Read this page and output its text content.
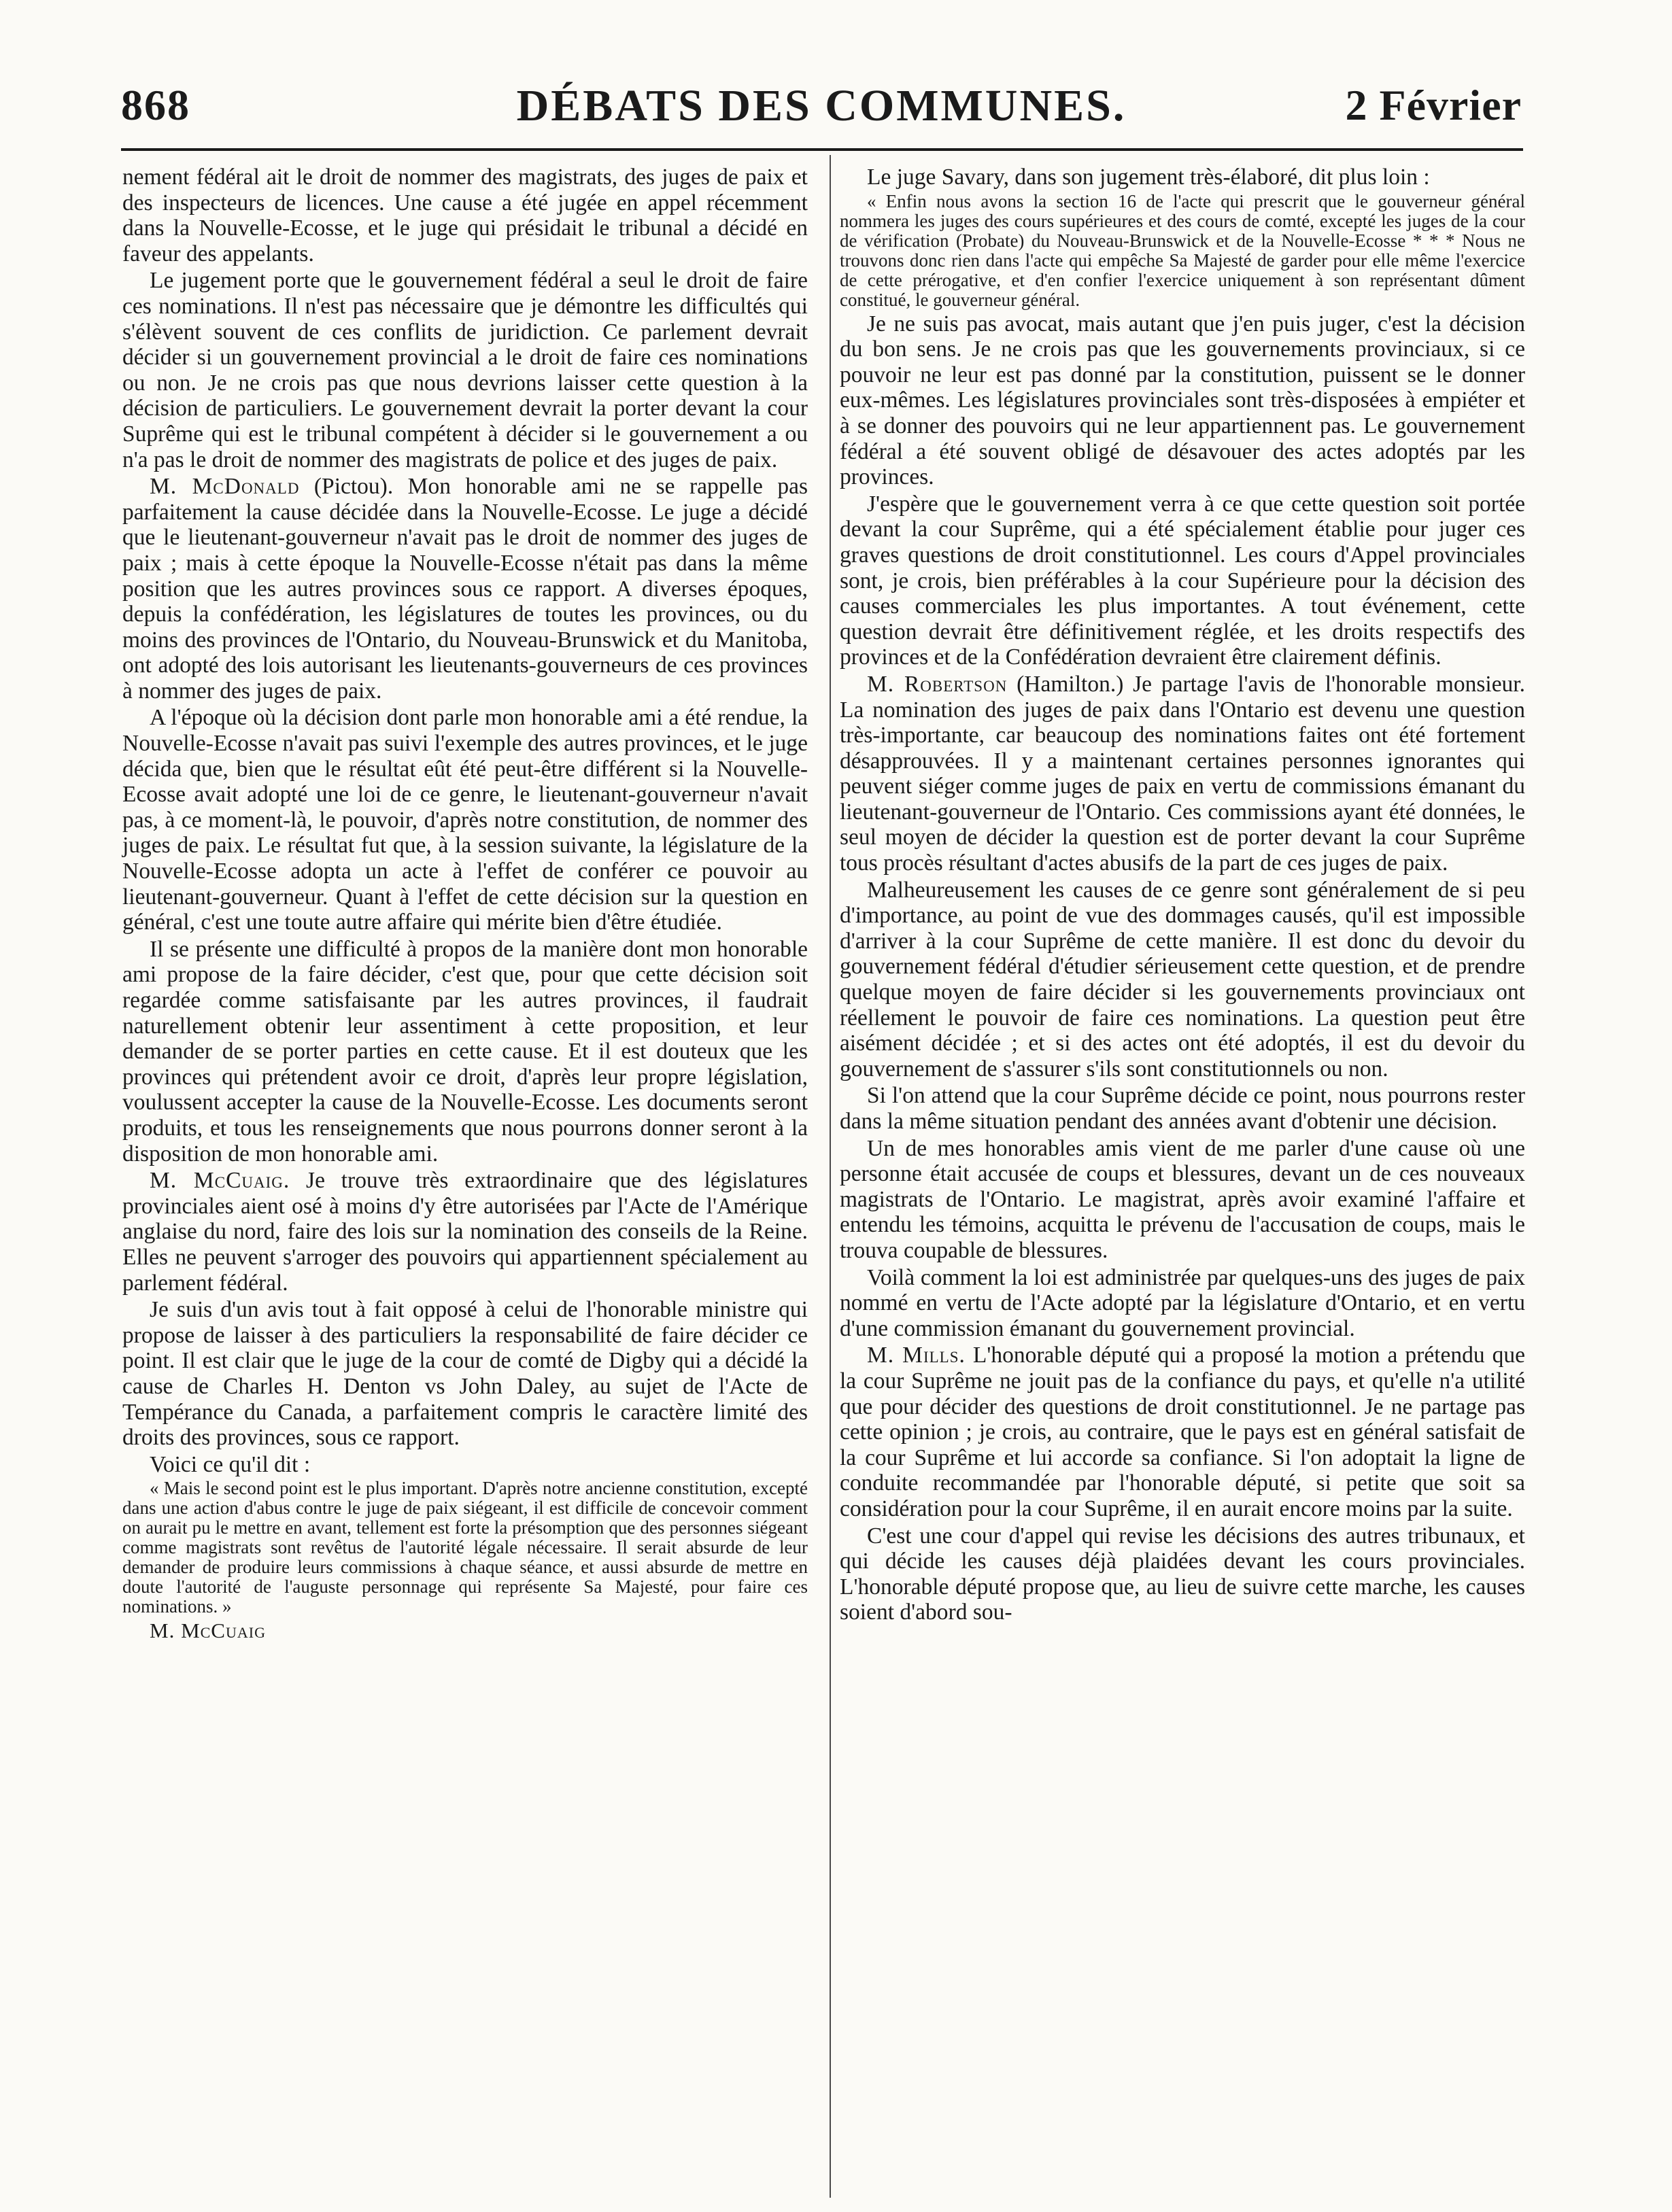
868	DÉBATS DES COMMUNES.	2 Février

nement fédéral ait le droit de nommer des magistrats, des juges de paix et des inspecteurs de licences. Une cause a été jugée en appel récemment dans la Nouvelle-Ecosse, et le juge qui présidait le tribunal a décidé en faveur des appelants.

Le jugement porte que le gouvernement fédéral a seul le droit de faire ces nominations. Il n'est pas nécessaire que je démontre les difficultés qui s'élèvent souvent de ces conflits de juridiction. Ce parlement devrait décider si un gouvernement provincial a le droit de faire ces nominations ou non. Je ne crois pas que nous devrions laisser cette question à la décision de particuliers. Le gouvernement devrait la porter devant la cour Suprême qui est le tribunal compétent à décider si le gouvernement a ou n'a pas le droit de nommer des magistrats de police et des juges de paix.

M. McDonald (Pictou). Mon honorable ami ne se rappelle pas parfaitement la cause décidée dans la Nouvelle-Ecosse. Le juge a décidé que le lieutenant-gouverneur n'avait pas le droit de nommer des juges de paix ; mais à cette époque la Nouvelle-Ecosse n'était pas dans la même position que les autres provinces sous ce rapport. A diverses époques, depuis la confédération, les législatures de toutes les provinces, ou du moins des provinces de l'Ontario, du Nouveau-Brunswick et du Manitoba, ont adopté des lois autorisant les lieutenants-gouverneurs de ces provinces à nommer des juges de paix.

A l'époque où la décision dont parle mon honorable ami a été rendue, la Nouvelle-Ecosse n'avait pas suivi l'exemple des autres provinces, et le juge décida que, bien que le résultat eût été peut-être différent si la Nouvelle-Ecosse avait adopté une loi de ce genre, le lieutenant-gouverneur n'avait pas, à ce moment-là, le pouvoir, d'après notre constitution, de nommer des juges de paix. Le résultat fut que, à la session suivante, la législature de la Nouvelle-Ecosse adopta un acte à l'effet de conférer ce pouvoir au lieutenant-gouverneur. Quant à l'effet de cette décision sur la question en général, c'est une toute autre affaire qui mérite bien d'être étudiée.

Il se présente une difficulté à propos de la manière dont mon honorable ami propose de la faire décider, c'est que, pour que cette décision soit regardée comme satisfaisante par les autres provinces, il faudrait naturellement obtenir leur assentiment à cette proposition, et leur demander de se porter parties en cette cause. Et il est douteux que les provinces qui prétendent avoir ce droit, d'après leur propre législation, voulussent accepter la cause de la Nouvelle-Ecosse. Les documents seront produits, et tous les renseignements que nous pourrons donner seront à la disposition de mon honorable ami.

M. McCuaig. Je trouve très extraordinaire que des législatures provinciales aient osé à moins d'y être autorisées par l'Acte de l'Amérique anglaise du nord, faire des lois sur la nomination des conseils de la Reine. Elles ne peuvent s'arroger des pouvoirs qui appartiennent spécialement au parlement fédéral.

Je suis d'un avis tout à fait opposé à celui de l'honorable ministre qui propose de laisser à des particuliers la responsabilité de faire décider ce point. Il est clair que le juge de la cour de comté de Digby qui a décidé la cause de Charles H. Denton vs John Daley, au sujet de l'Acte de Tempérance du Canada, a parfaitement compris le caractère limité des droits des provinces, sous ce rapport.

Voici ce qu'il dit :

« Mais le second point est le plus important. D'après notre ancienne constitution, excepté dans une action d'abus contre le juge de paix siégeant, il est difficile de concevoir comment on aurait pu le mettre en avant, tellement est forte la présomption que des personnes siégeant comme magistrats sont revêtus de l'autorité légale nécessaire. Il serait absurde de leur demander de produire leurs commissions à chaque séance, et aussi absurde de mettre en doute l'autorité de l'auguste personnage qui représente Sa Majesté, pour faire ces nominations. »

M. McCuaig

Le juge Savary, dans son jugement très-élaboré, dit plus loin :

« Enfin nous avons la section 16 de l'acte qui prescrit que le gouverneur général nommera les juges des cours supérieures et des cours de comté, excepté les juges de la cour de vérification (Probate) du Nouveau-Brunswick et de la Nouvelle-Ecosse * * * Nous ne trouvons donc rien dans l'acte qui empêche Sa Majesté de garder pour elle même l'exercice de cette prérogative, et d'en confier l'exercice uniquement à son représentant dûment constitué, le gouverneur général.

Je ne suis pas avocat, mais autant que j'en puis juger, c'est la décision du bon sens. Je ne crois pas que les gouvernements provinciaux, si ce pouvoir ne leur est pas donné par la constitution, puissent se le donner eux-mêmes. Les législatures provinciales sont très-disposées à empiéter et à se donner des pouvoirs qui ne leur appartiennent pas. Le gouvernement fédéral a été souvent obligé de désavouer des actes adoptés par les provinces.

J'espère que le gouvernement verra à ce que cette question soit portée devant la cour Suprême, qui a été spécialement établie pour juger ces graves questions de droit constitutionnel. Les cours d'Appel provinciales sont, je crois, bien préférables à la cour Supérieure pour la décision des causes commerciales les plus importantes. A tout événement, cette question devrait être définitivement réglée, et les droits respectifs des provinces et de la Confédération devraient être clairement définis.

M. Robertson (Hamilton.) Je partage l'avis de l'honorable monsieur. La nomination des juges de paix dans l'Ontario est devenu une question très-importante, car beaucoup des nominations faites ont été fortement désapprouvées. Il y a maintenant certaines personnes ignorantes qui peuvent siéger comme juges de paix en vertu de commissions émanant du lieutenant-gouverneur de l'Ontario. Ces commissions ayant été données, le seul moyen de décider la question est de porter devant la cour Suprême tous procès résultant d'actes abusifs de la part de ces juges de paix.

Malheureusement les causes de ce genre sont généralement de si peu d'importance, au point de vue des dommages causés, qu'il est impossible d'arriver à la cour Suprême de cette manière. Il est donc du devoir du gouvernement fédéral d'étudier sérieusement cette question, et de prendre quelque moyen de faire décider si les gouvernements provinciaux ont réellement le pouvoir de faire ces nominations. La question peut être aisément décidée ; et si des actes ont été adoptés, il est du devoir du gouvernement de s'assurer s'ils sont constitutionnels ou non.

Si l'on attend que la cour Suprême décide ce point, nous pourrons rester dans la même situation pendant des années avant d'obtenir une décision.

Un de mes honorables amis vient de me parler d'une cause où une personne était accusée de coups et blessures, devant un de ces nouveaux magistrats de l'Ontario. Le magistrat, après avoir examiné l'affaire et entendu les témoins, acquitta le prévenu de l'accusation de coups, mais le trouva coupable de blessures.

Voilà comment la loi est administrée par quelques-uns des juges de paix nommé en vertu de l'Acte adopté par la législature d'Ontario, et en vertu d'une commission émanant du gouvernement provincial.

M. Mills. L'honorable député qui a proposé la motion a prétendu que la cour Suprême ne jouit pas de la confiance du pays, et qu'elle n'a utilité que pour décider des questions de droit constitutionnel. Je ne partage pas cette opinion ; je crois, au contraire, que le pays est en général satisfait de la cour Suprême et lui accorde sa confiance. Si l'on adoptait la ligne de conduite recommandée par l'honorable député, si petite que soit sa considération pour la cour Suprême, il en aurait encore moins par la suite.

C'est une cour d'appel qui revise les décisions des autres tribunaux, et qui décide les causes déjà plaidées devant les cours provinciales. L'honorable député propose que, au lieu de suivre cette marche, les causes soient d'abord sou-
